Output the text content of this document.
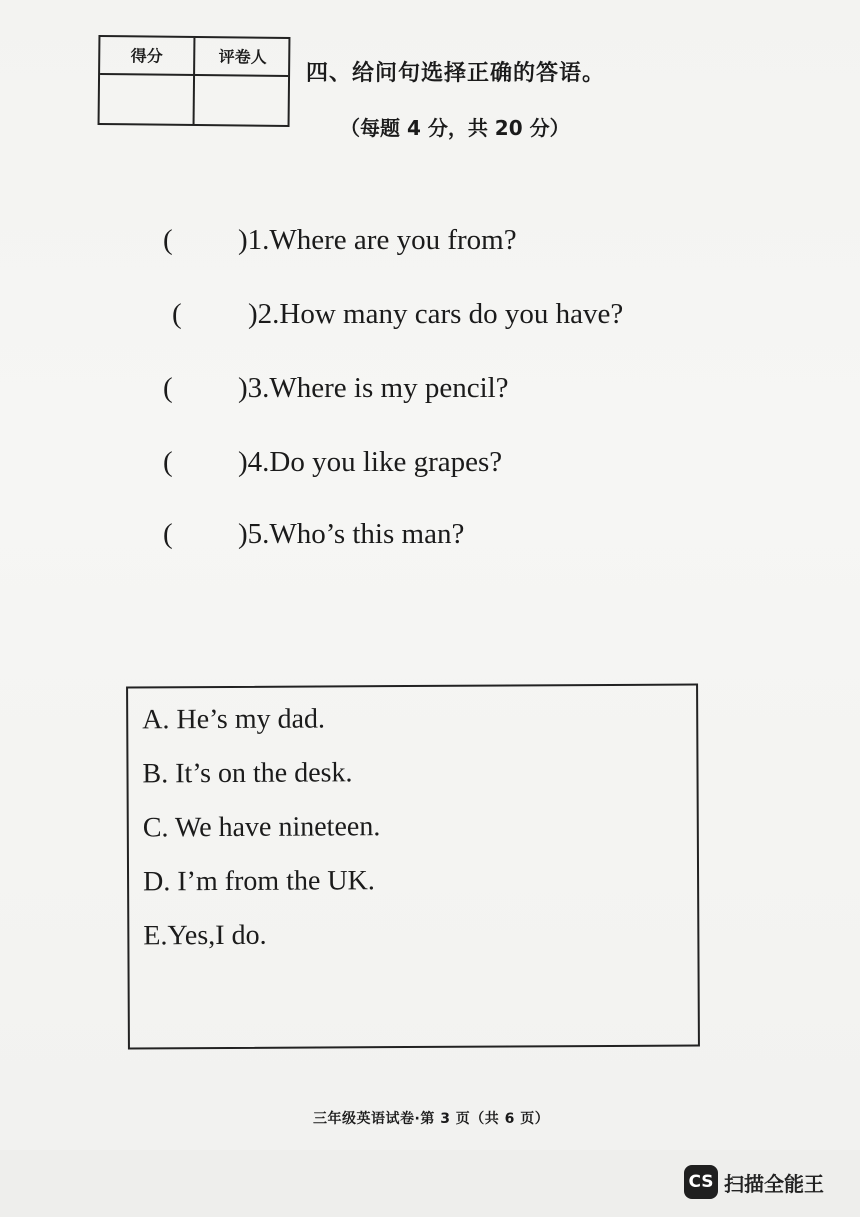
得分	评卷人
四、给问句选择正确的答语。
（每题 4 分，共 20 分）
( )1.Where are you from?
( )2.How many cars do you have?
( )3.Where is my pencil?
( )4.Do you like grapes?
( )5.Who’s this man?
A. He’s my dad.
B. It’s on the desk.
C. We have nineteen.
D. I’m from the UK.
E.Yes,I do.
三年级英语试卷·第 3 页（共 6 页）
CS 扫描全能王
